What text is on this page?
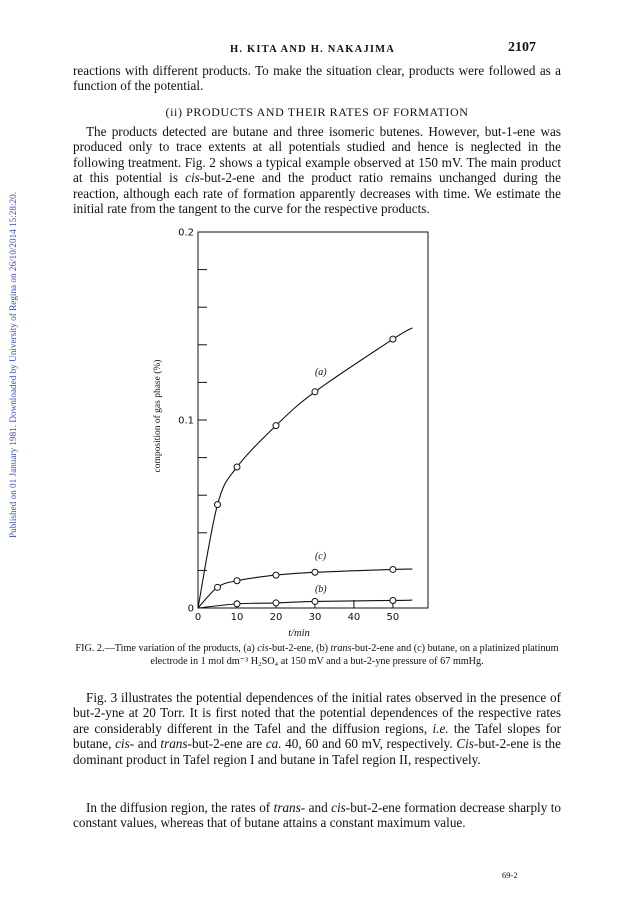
Published on 01 January 1981. Downloaded by University of Regina on 26/10/2014 15:28:20.
H. KITA AND H. NAKAJIMA	2107

reactions with different products. To make the situation clear, products were followed as a function of the potential.

(ii) PRODUCTS AND THEIR RATES OF FORMATION

The products detected are butane and three isomeric butenes. However, but-1-ene was produced only to trace extents at all potentials studied and hence is neglected in the following treatment. Fig. 2 shows a typical example observed at 150 mV. The main product at this potential is cis-but-2-ene and the product ratio remains unchanged during the reaction, although each rate of formation apparently decreases with time. We estimate the initial rate from the tangent to the curve for the respective products.

0	10	20	30	40	50
0
0.1
0.2
t/min
composition of gas phase (%)	(a)
(b)
(c)
FIG. 2.—Time variation of the products, (a) cis-but-2-ene, (b) trans-but-2-ene and (c) butane, on a platinized platinum electrode in 1 mol dm⁻³ H₂SO₄ at 150 mV and a but-2-yne pressure of 67 mmHg.

Fig. 3 illustrates the potential dependences of the initial rates observed in the presence of but-2-yne at 20 Torr. It is first noted that the potential dependences of the respective rates are considerably different in the Tafel and the diffusion regions, i.e. the Tafel slopes for butane, cis- and trans-but-2-ene are ca. 40, 60 and 60 mV, respectively. Cis-but-2-ene is the dominant product in Tafel region I and butane in Tafel region II, respectively.

In the diffusion region, the rates of trans- and cis-but-2-ene formation decrease sharply to constant values, whereas that of butane attains a constant maximum value.

69-2
